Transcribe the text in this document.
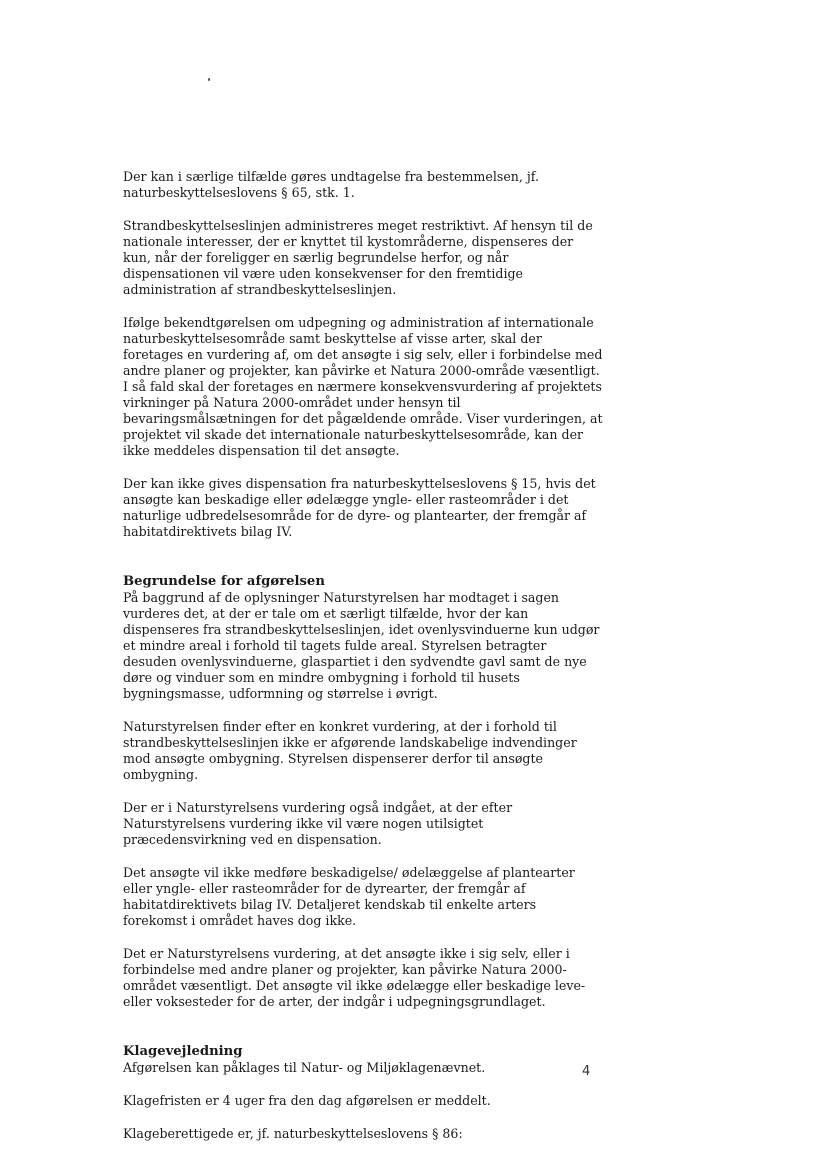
Der kan i særlige tilfælde gøres undtagelse fra bestemmelsen, jf. naturbeskyttelseslovens § 65, stk. 1.

Strandbeskyttelseslinjen administreres meget restriktivt. Af hensyn til de nationale interesser, der er knyttet til kystområderne, dispenseres der kun, når der foreligger en særlig begrundelse herfor, og når dispensationen vil være uden konsekvenser for den fremtidige administration af strandbeskyttelseslinjen.

Ifølge bekendtgørelsen om udpegning og administration af internationale naturbeskyttelsesområde samt beskyttelse af visse arter, skal der foretages en vurdering af, om det ansøgte i sig selv, eller i forbindelse med andre planer og projekter, kan påvirke et Natura 2000-område væsentligt. I så fald skal der foretages en nærmere konsekvensvurdering af projektets virkninger på Natura 2000-området under hensyn til bevaringsmålsætningen for det pågældende område. Viser vurderingen, at projektet vil skade det internationale naturbeskyttelsesområde, kan der ikke meddeles dispensation til det ansøgte.

Der kan ikke gives dispensation fra naturbeskyttelseslovens § 15, hvis det ansøgte kan beskadige eller ødelægge yngle- eller rasteområder i det naturlige udbredelsesområde for de dyre- og plantearter, der fremgår af habitatdirektivets bilag IV.

Begrundelse for afgørelsen

På baggrund af de oplysninger Naturstyrelsen har modtaget i sagen vurderes det, at der er tale om et særligt tilfælde, hvor der kan dispenseres fra strandbeskyttelseslinjen, idet ovenlysvinduerne kun udgør et mindre areal i forhold til tagets fulde areal. Styrelsen betragter desuden ovenlysvinduerne, glaspartiet i den sydvendte gavl samt de nye døre og vinduer som en mindre ombygning i forhold til husets bygningsmasse, udformning og størrelse i øvrigt.

Naturstyrelsen finder efter en konkret vurdering, at der i forhold til strandbeskyttelseslinjen ikke er afgørende landskabelige indvendinger mod ansøgte ombygning. Styrelsen dispenserer derfor til ansøgte ombygning.

Der er i Naturstyrelsens vurdering også indgået, at der efter Naturstyrelsens vurdering ikke vil være nogen utilsigtet præcedensvirkning ved en dispensation.

Det ansøgte vil ikke medføre beskadigelse/ ødelæggelse af plantearter eller yngle- eller rasteområder for de dyrearter, der fremgår af habitatdirektivets bilag IV. Detaljeret kendskab til enkelte arters forekomst i området haves dog ikke.

Det er Naturstyrelsens vurdering, at det ansøgte ikke i sig selv, eller i forbindelse med andre planer og projekter, kan påvirke Natura 2000-området væsentligt. Det ansøgte vil ikke ødelægge eller beskadige leve- eller voksesteder for de arter, der indgår i udpegningsgrundlaget.

Klagevejledning

Afgørelsen kan påklages til Natur- og Miljøklagenævnet.

Klagefristen er 4 uger fra den dag afgørelsen er meddelt.

Klageberettigede er, jf. naturbeskyttelseslovens § 86:

4
